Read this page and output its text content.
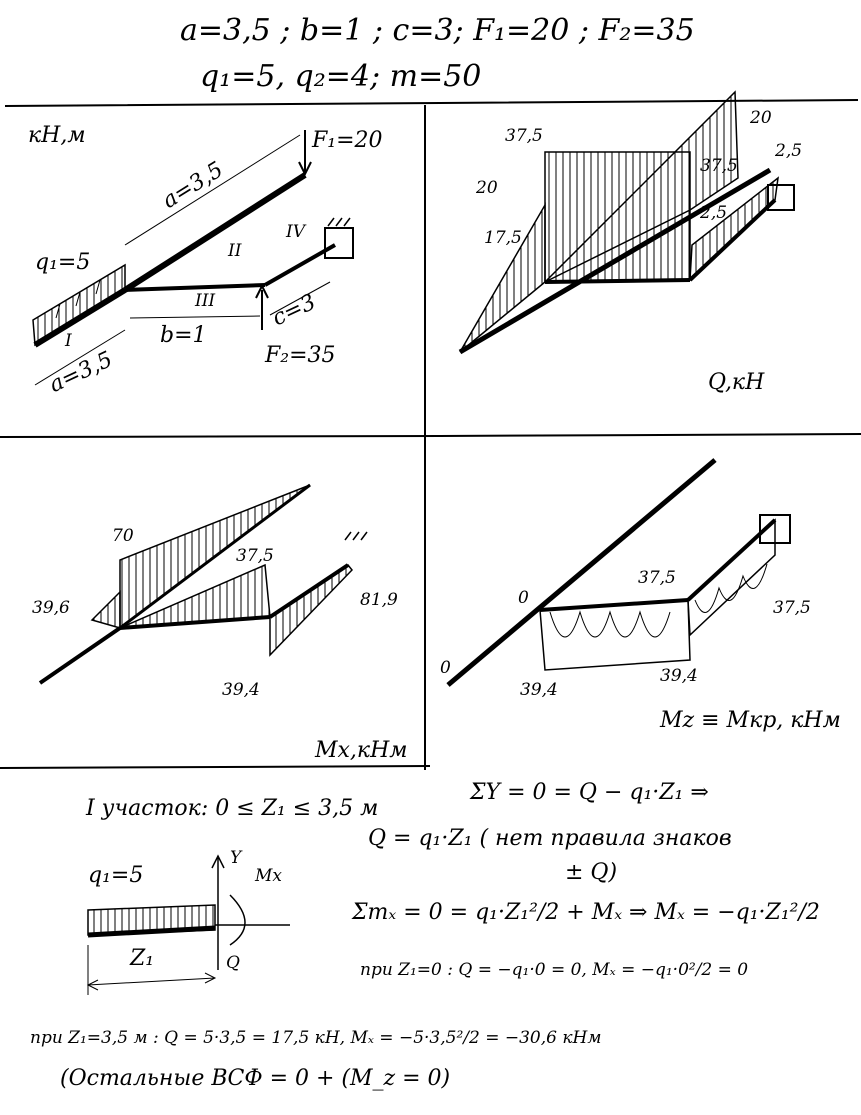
a=3,5 ; b=1 ; c=3; F₁=20 ; F₂=35
q₁=5, q₂=4; m=50
кН,м
q₁=5
a=3,5
a=3,5
b=1
c=3
F₁=20
F₂=35
I
II
III
IV
20
37,5
37,5
2,5
2,5
20
17,5
Q,кН
70
37,5
39,6	81,9
39,4
Mx,кНм
0
0
37,5
37,5
39,4
39,4
Mz ≡ Mкр, кНм
I участок: 0 ≤ Z₁ ≤ 3,5 м
ΣY = 0 = Q − q₁·Z₁ ⇒
Q = q₁·Z₁ ( нет правила знаков
± Q)
Σmₓ = 0 = q₁·Z₁²/2 + Mₓ ⇒ Mₓ = −q₁·Z₁²/2
при Z₁=0 : Q = −q₁·0 = 0, Mₓ = −q₁·0²/2 = 0
при Z₁=3,5 м : Q = 5·3,5 = 17,5 кН, Mₓ = −5·3,5²/2 = −30,6 кНм
(Остальные ВСФ = 0 + (M_z = 0)
q₁=5
Y
Mx
Q
Z₁
